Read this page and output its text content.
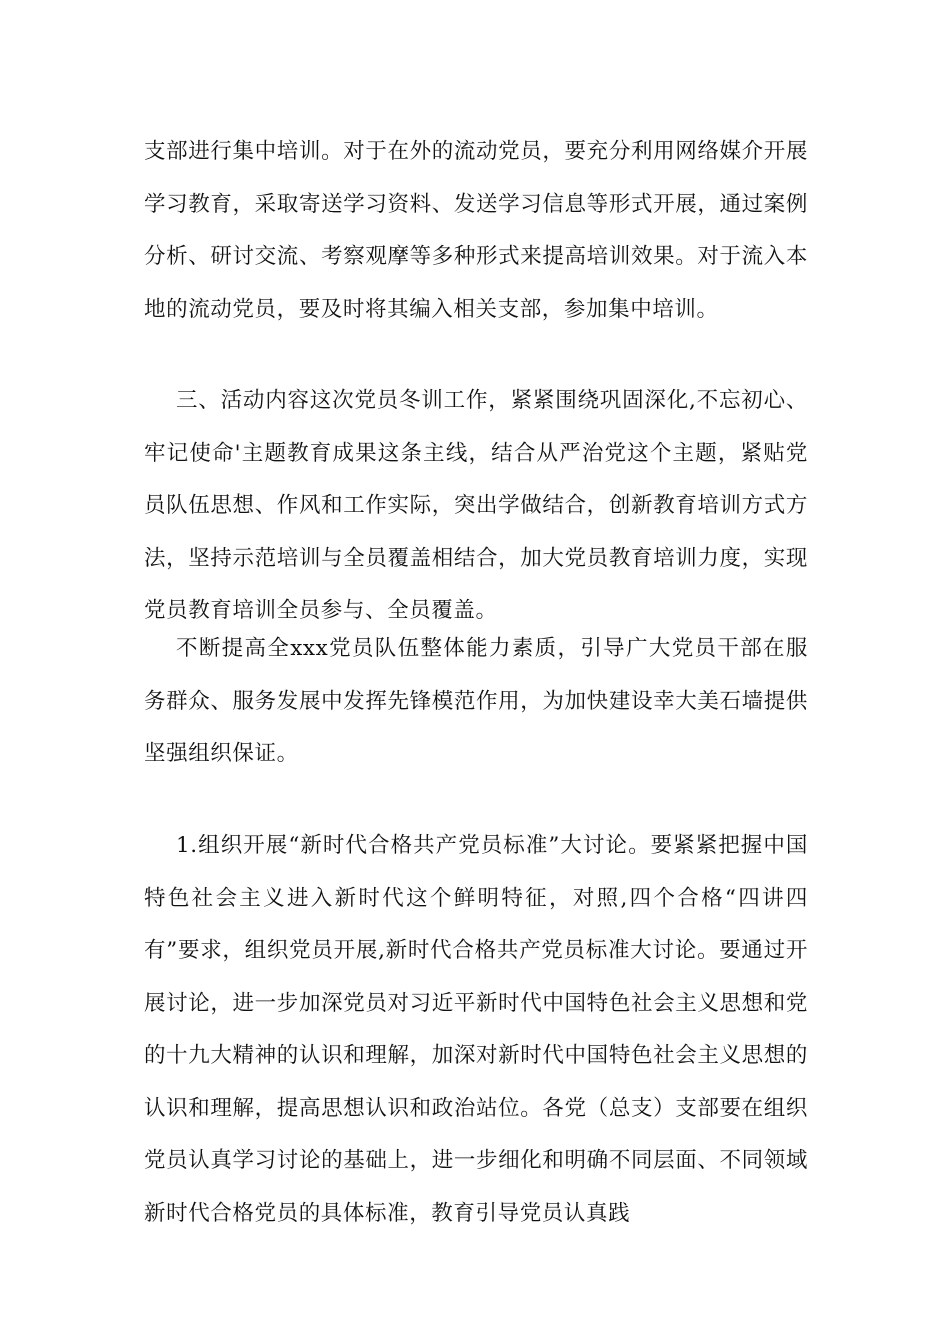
支部进行集中培训。对于在外的流动党员，要充分利用网络媒介开展学习教育，采取寄送学习资料、发送学习信息等形式开展，通过案例分析、研讨交流、考察观摩等多种形式来提高培训效果。对于流入本地的流动党员，要及时将其编入相关支部，参加集中培训。

三、活动内容这次党员冬训工作，紧紧围绕巩固深化,不忘初心、牢记使命'主题教育成果这条主线，结合从严治党这个主题，紧贴党员队伍思想、作风和工作实际，突出学做结合，创新教育培训方式方法，坚持示范培训与全员覆盖相结合，加大党员教育培训力度，实现党员教育培训全员参与、全员覆盖。

不断提高全xxx党员队伍整体能力素质，引导广大党员干部在服务群众、服务发展中发挥先锋模范作用，为加快建设幸大美石墙提供坚强组织保证。

1.组织开展“新时代合格共产党员标准”大讨论。要紧紧把握中国特色社会主义进入新时代这个鲜明特征，对照,四个合格“四讲四有”要求，组织党员开展,新时代合格共产党员标准大讨论。要通过开展讨论，进一步加深党员对习近平新时代中国特色社会主义思想和党的十九大精神的认识和理解，加深对新时代中国特色社会主义思想的认识和理解，提高思想认识和政治站位。各党（总支）支部要在组织党员认真学习讨论的基础上，进一步细化和明确不同层面、不同领域新时代合格党员的具体标准，教育引导党员认真践
